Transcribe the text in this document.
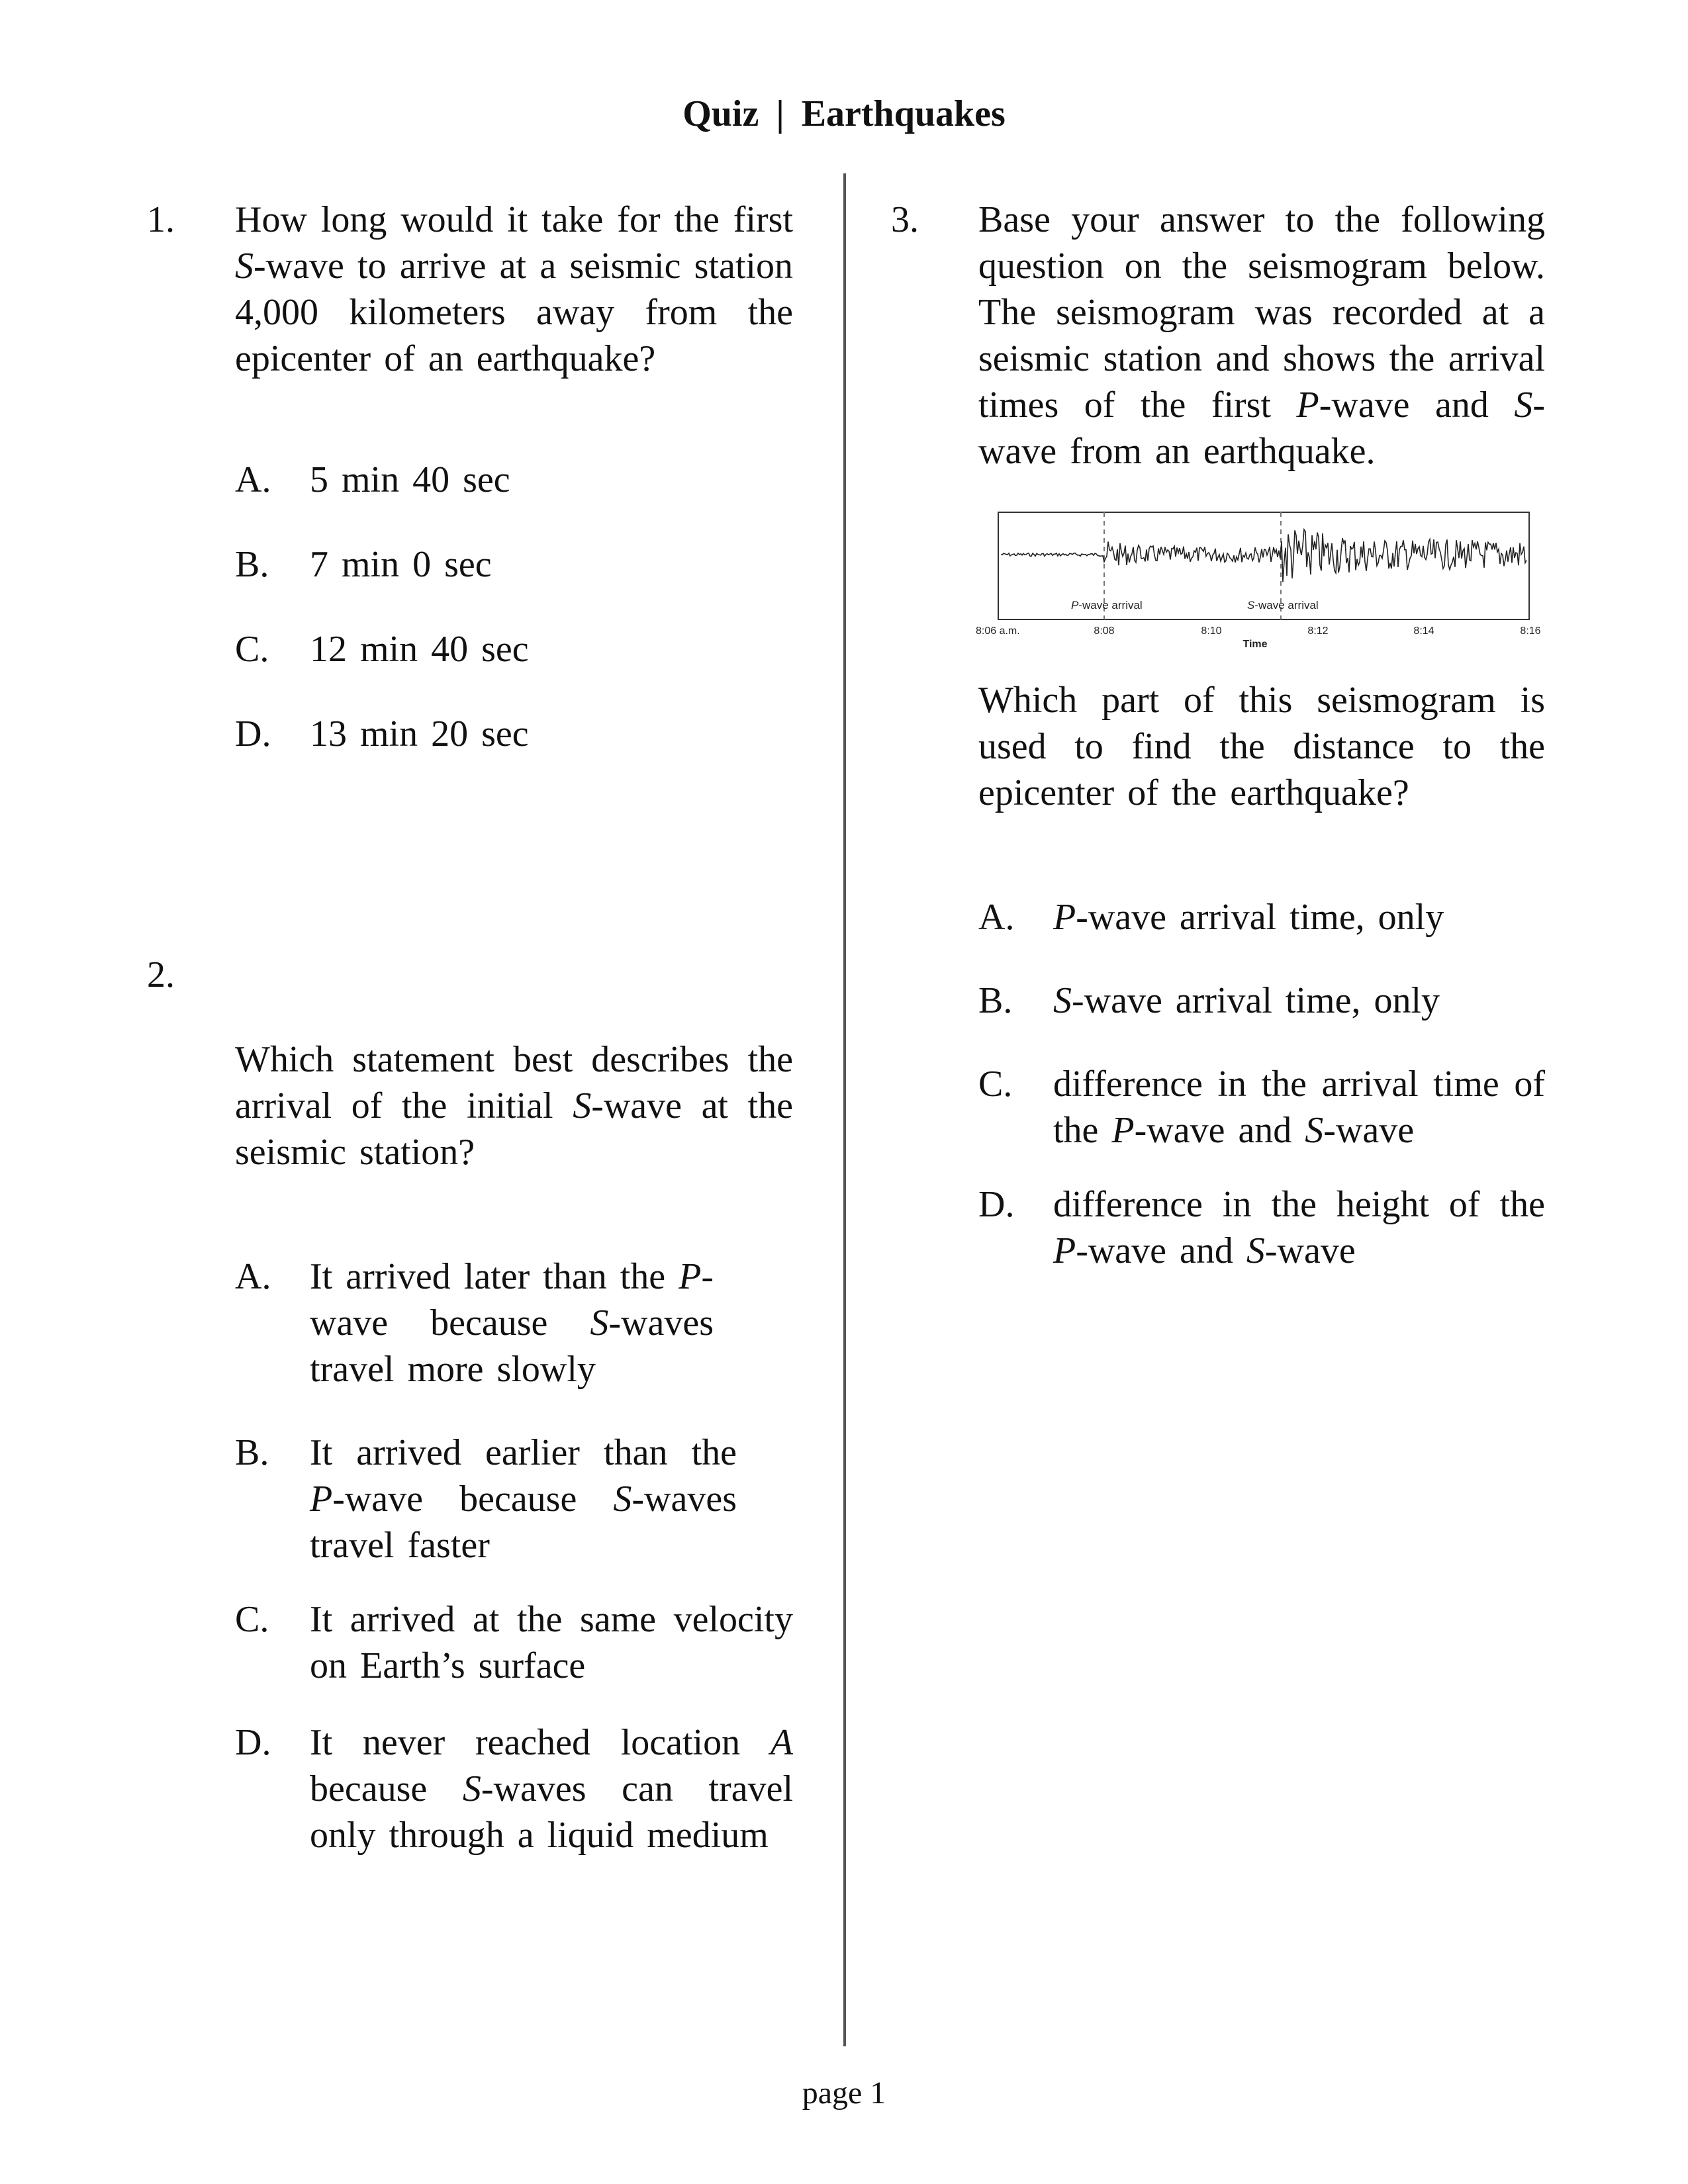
Quiz | Earthquakes
1. How long would it take for the first S-wave to arrive at a seismic station 4,000 kilometers away from the epicenter of an earthquake?
A. 5 min 40 sec
B. 7 min 0 sec
C. 12 min 40 sec
D. 13 min 20 sec
2.
Which statement best describes the arrival of the initial S-wave at the seismic station?
A. It arrived later than the P-wave because S-waves travel more slowly
B. It arrived earlier than the P-wave because S-waves travel faster
C. It arrived at the same velocity on Earth’s surface
D. It never reached location A because S-waves can travel only through a liquid medium
3. Base your answer to the following question on the seismogram below. The seismogram was recorded at a seismic station and shows the arrival times of the first P-wave and S-wave from an earthquake.
P-wave arrival	S-wave arrival
8:06 a.m.	8:08	8:10	8:12	8:14	8:16
Time
Which part of this seismogram is used to find the distance to the epicenter of the earthquake?
A. P-wave arrival time, only
B. S-wave arrival time, only
C. difference in the arrival time of the P-wave and S-wave
D. difference in the height of the P-wave and S-wave
page 1
